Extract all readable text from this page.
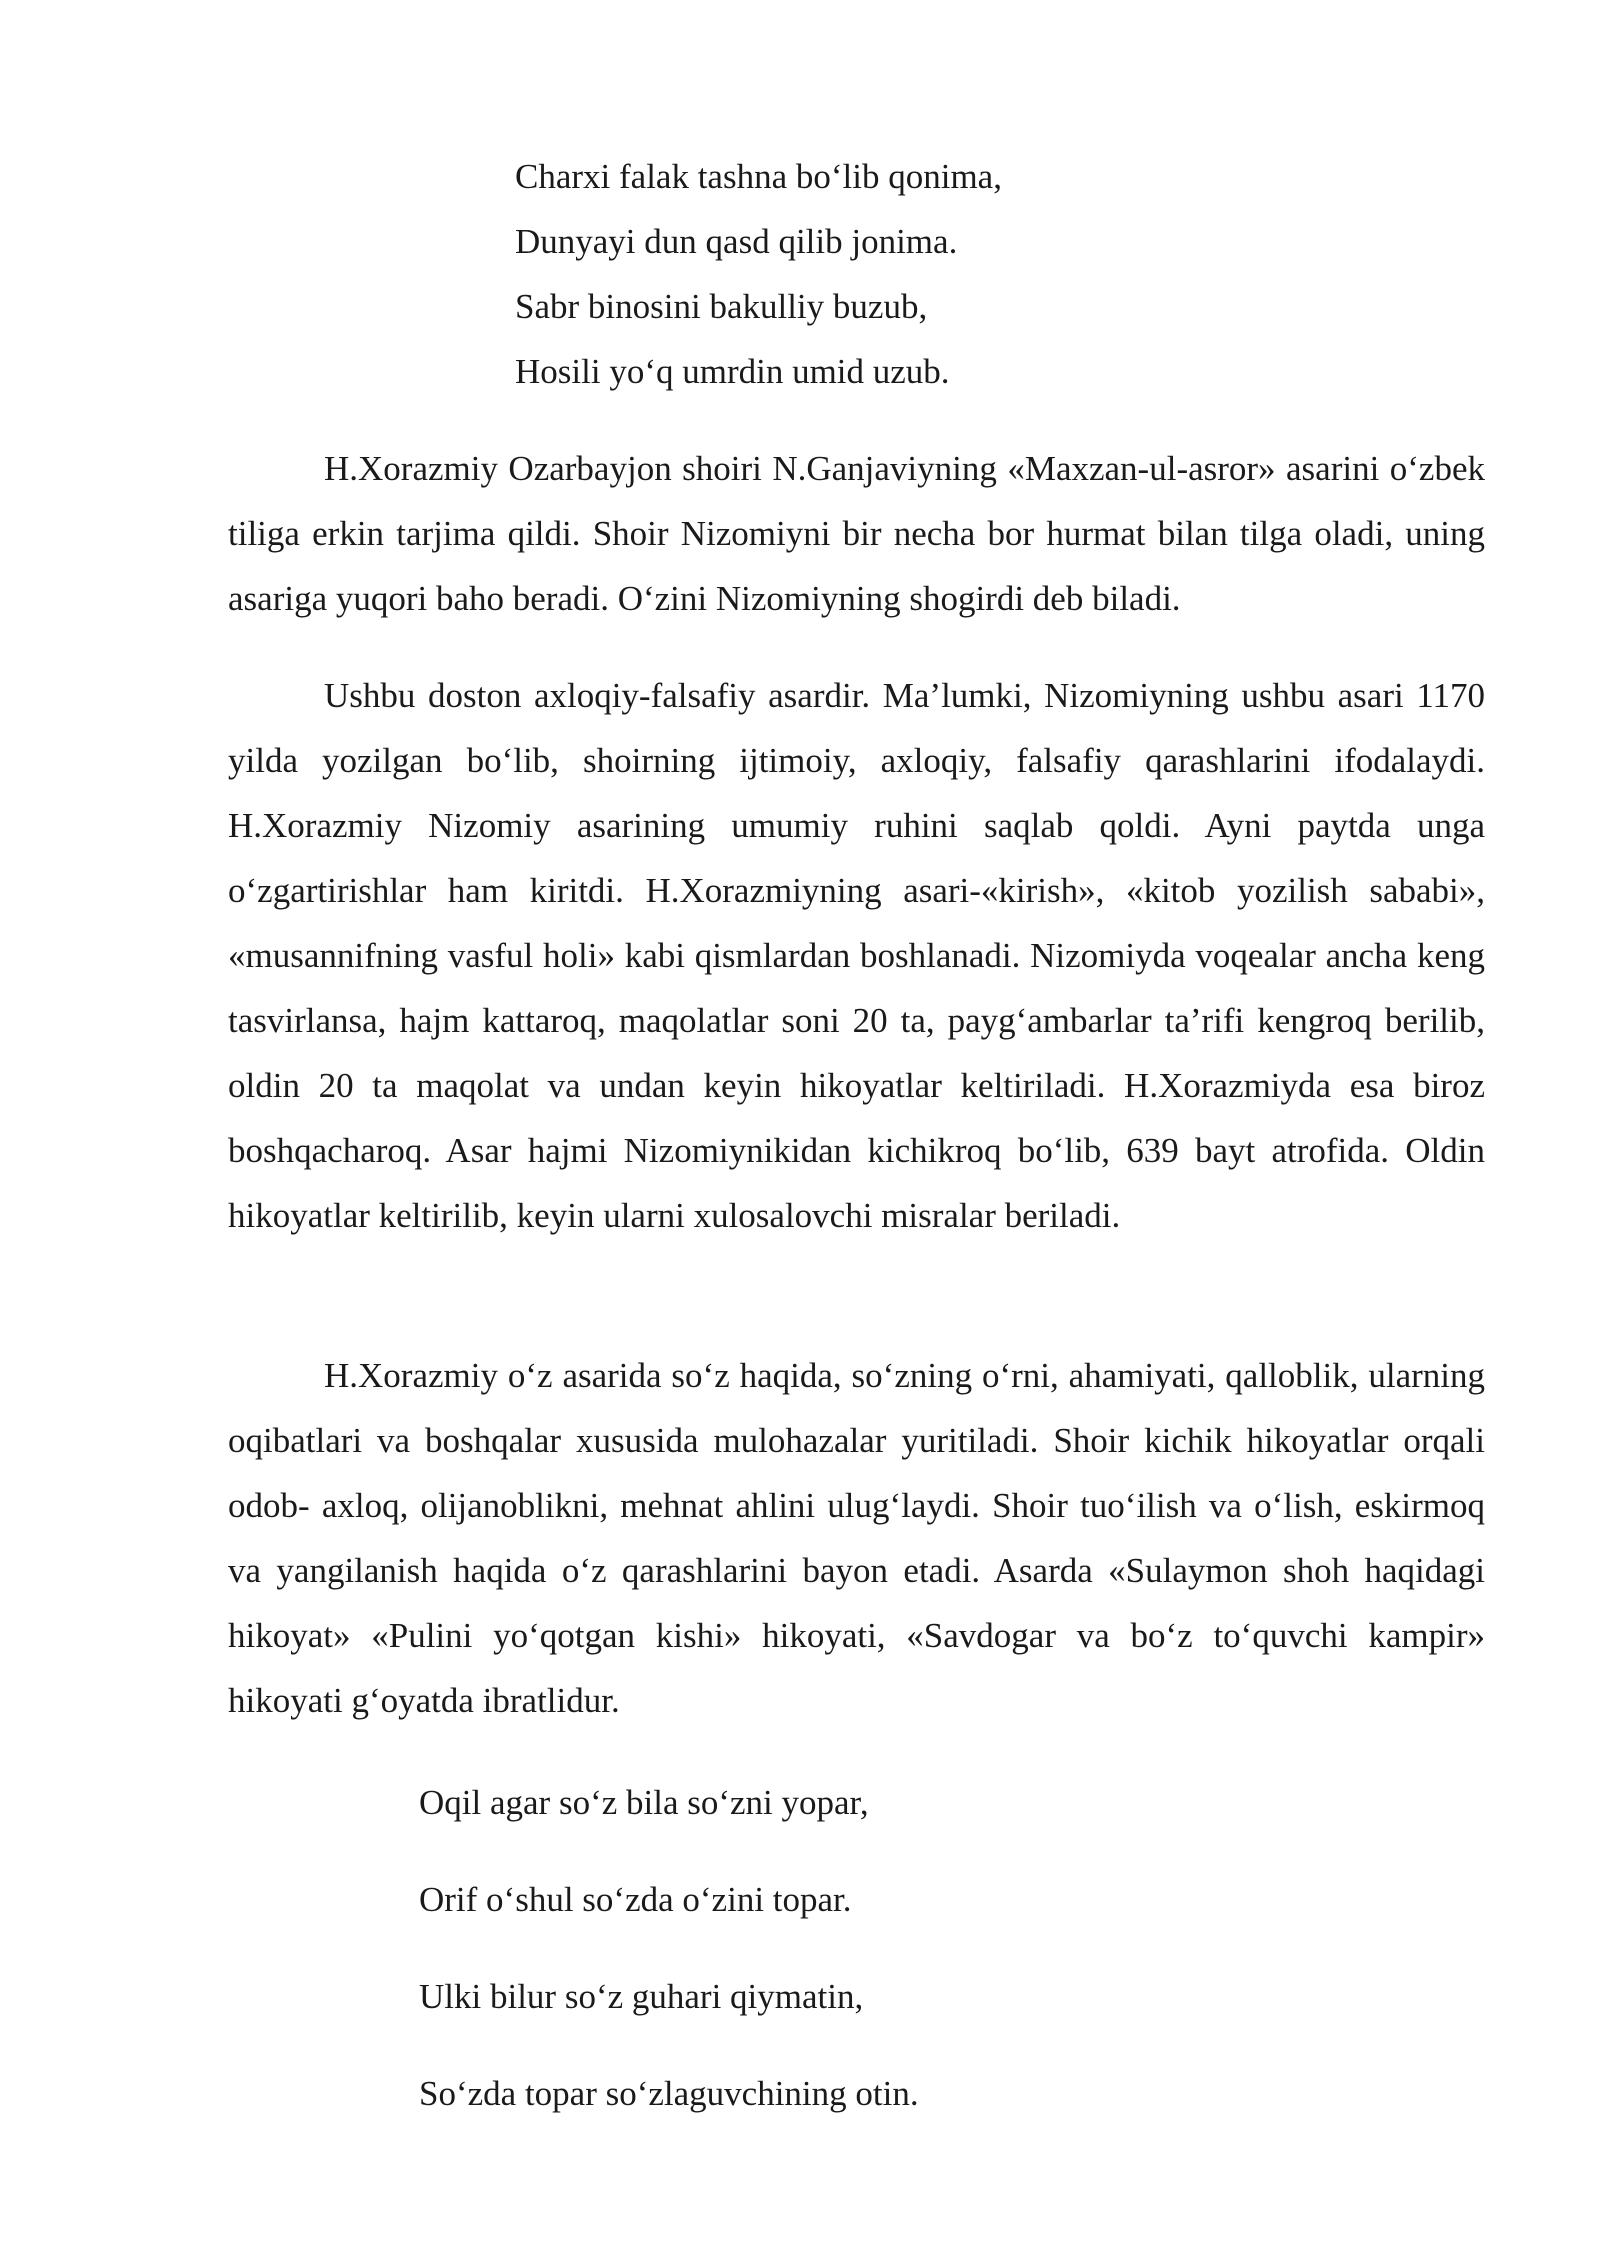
Charxi falak tashna bo‘lib qonima,
Dunyayi dun qasd qilib jonima.
Sabr binosini bakulliy buzub,
Hosili yo‘q umrdin umid uzub.

H.Xorazmiy Ozarbayjon shoiri N.Ganjaviyning «Maxzan-ul-asror» asarini o‘zbek tiliga erkin tarjima qildi. Shoir Nizomiyni bir necha bor hurmat bilan tilga oladi, uning asariga yuqori baho beradi. O‘zini Nizomiyning shogirdi deb biladi.

Ushbu doston axloqiy-falsafiy asardir. Ma’lumki, Nizomiyning ushbu asari 1170 yilda yozilgan bo‘lib, shoirning ijtimoiy, axloqiy, falsafiy qarashlarini ifodalaydi. H.Xorazmiy Nizomiy asarining umumiy ruhini saqlab qoldi. Ayni paytda unga o‘zgartirishlar ham kiritdi. H.Xorazmiyning asari-«kirish», «kitob yozilish sababi», «musannifning vasful holi» kabi qismlardan boshlanadi. Nizomiyda voqealar ancha keng tasvirlansa, hajm kattaroq, maqolatlar soni 20 ta, payg‘ambarlar ta’rifi kengroq berilib, oldin 20 ta maqolat va undan keyin hikoyatlar keltiriladi. H.Xorazmiyda esa biroz boshqacharoq. Asar hajmi Nizomiynikidan kichikroq bo‘lib, 639 bayt atrofida. Oldin hikoyatlar keltirilib, keyin ularni xulosalovchi misralar beriladi.

H.Xorazmiy o‘z asarida so‘z haqida, so‘zning o‘rni, ahamiyati, qalloblik, ularning oqibatlari va boshqalar xususida mulohazalar yuritiladi. Shoir kichik hikoyatlar orqali odob- axloq, olijanoblikni, mehnat ahlini ulug‘laydi. Shoir tuo‘ilish va o‘lish, eskirmoq va yangilanish haqida o‘z qarashlarini bayon etadi. Asarda «Sulaymon shoh haqidagi hikoyat» «Pulini yo‘qotgan kishi» hikoyati, «Savdogar va bo‘z to‘quvchi kampir» hikoyati g‘oyatda ibratlidur.

Oqil agar so‘z bila so‘zni yopar,
Orif o‘shul so‘zda o‘zini topar.
Ulki bilur so‘z guhari qiymatin,
So‘zda topar so‘zlaguvchining otin.
